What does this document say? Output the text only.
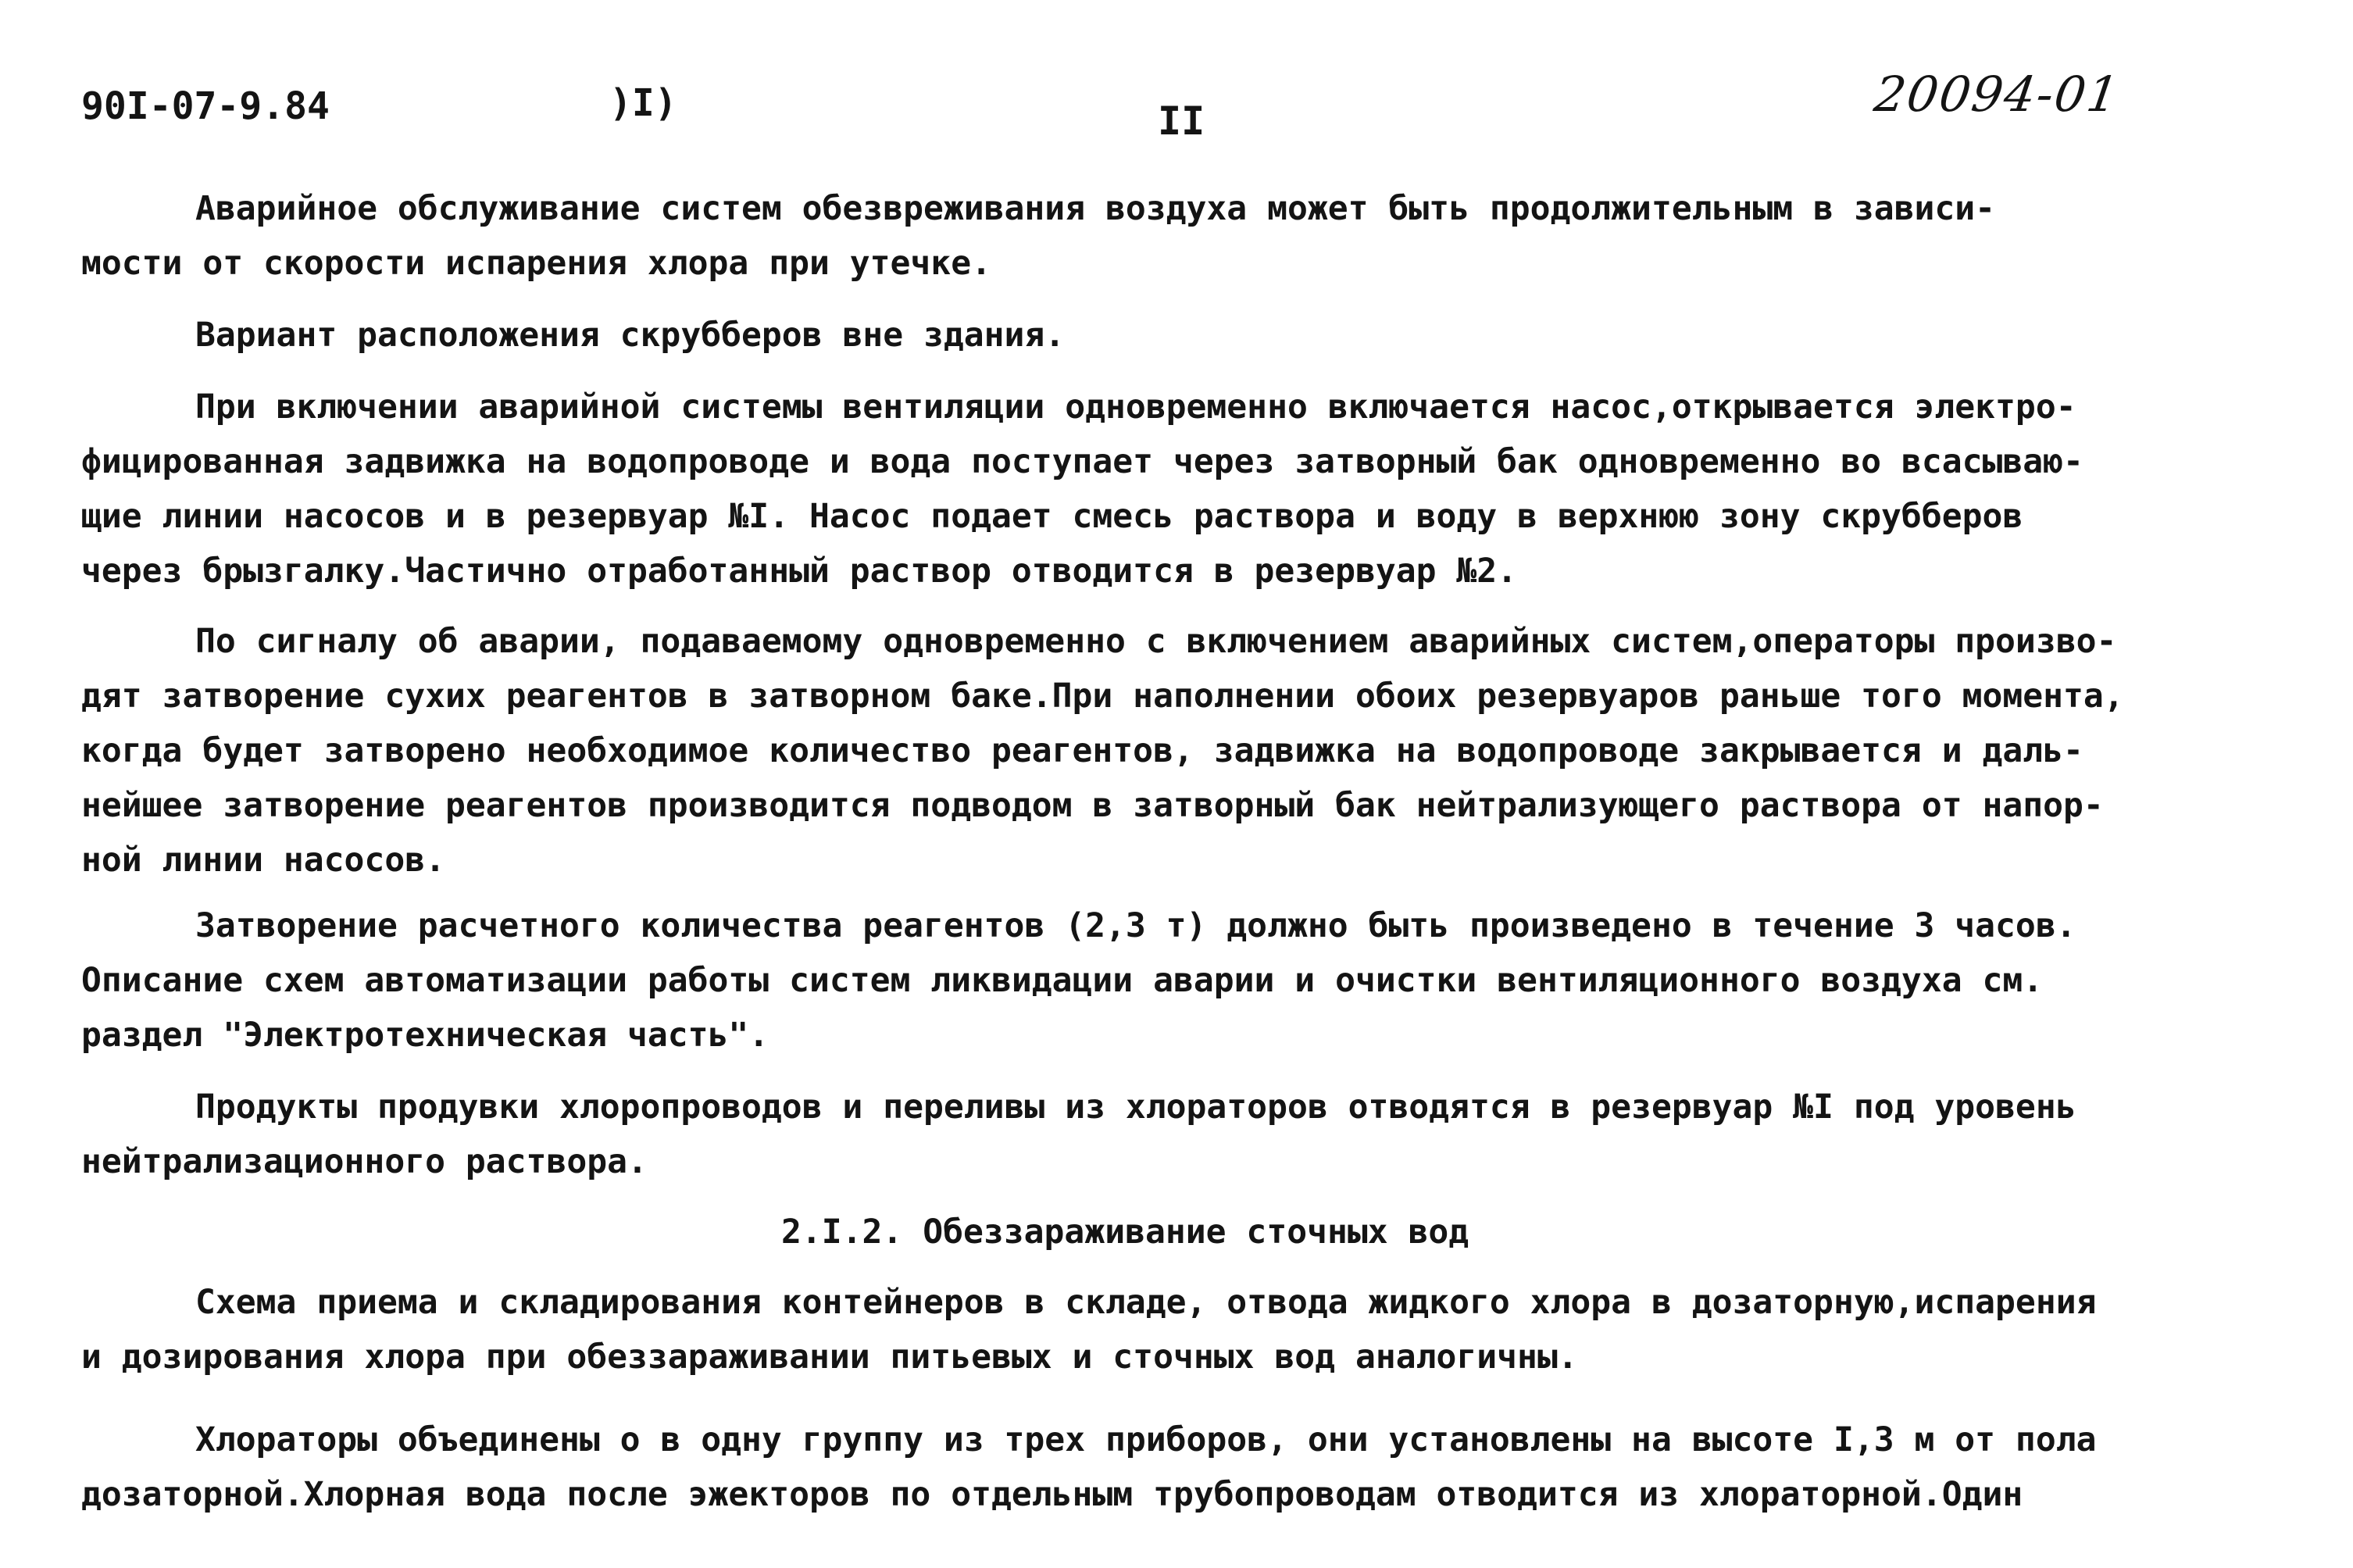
90I-07-9.84	)I)	II	20094-01
Аварийное обслуживание систем обезвреживания воздуха может быть продолжительным в зависи-
мости от скорости испарения хлора при утечке.
Вариант расположения скрубберов вне здания.
При включении аварийной системы вентиляции одновременно включается насос,открывается электро-
фицированная задвижка на водопроводе и вода поступает через затворный бак одновременно во всасываю-
щие линии насосов и в резервуар №I. Насос подает смесь раствора и воду в верхнюю зону скрубберов
через брызгалку.Частично отработанный раствор отводится в резервуар №2.
По сигналу об аварии, подаваемому одновременно с включением аварийных систем,операторы произво-
дят затворение сухих реагентов в затворном баке.При наполнении обоих резервуаров раньше того момента,
когда будет затворено необходимое количество реагентов, задвижка на водопроводе закрывается и даль-
нейшее затворение реагентов производится подводом в затворный бак нейтрализующего раствора от напор-
ной линии насосов.
Затворение расчетного количества реагентов (2,3 т) должно быть произведено в течение 3 часов.
Описание схем автоматизации работы систем ликвидации аварии и очистки вентиляционного воздуха см.
раздел "Электротехническая часть".
Продукты продувки хлоропроводов и переливы из хлораторов отводятся в резервуар №I под уровень
нейтрализационного раствора.
2.I.2. Обеззараживание сточных вод
Схема приема и складирования контейнеров в складе, отвода жидкого хлора в дозаторную,испарения
и дозирования хлора при обеззараживании питьевых и сточных вод аналогичны.
Хлораторы объединены о в одну группу из трех приборов, они установлены на высоте I,3 м от пола
дозаторной.Хлорная вода после эжекторов по отдельным трубопроводам отводится из хлораторной.Один
